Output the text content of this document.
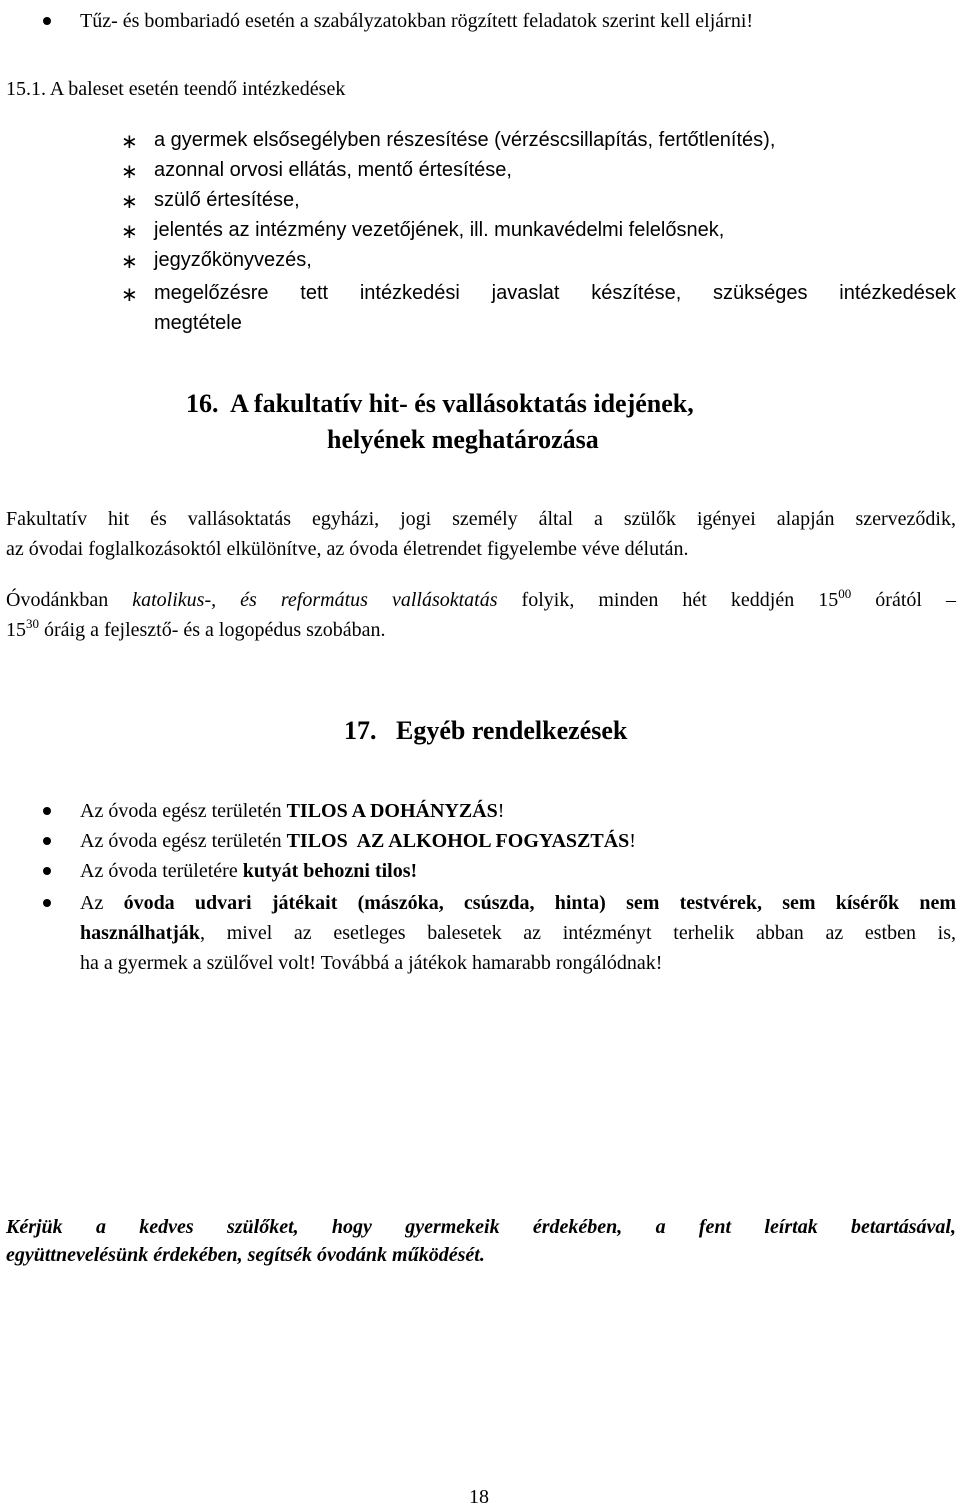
Tűz- és bombariadó esetén a szabályzatokban rögzített feladatok szerint kell eljárni!
15.1. A baleset esetén teendő intézkedések
∗ a gyermek elsősegélyben részesítése (vérzéscsillapítás, fertőtlenítés),
∗ azonnal orvosi ellátás, mentő értesítése,
∗ szülő értesítése,
∗ jelentés az intézmény vezetőjének, ill. munkavédelmi felelősnek,
∗ jegyzőkönyvezés,
∗ megelőzésre tett intézkedési javaslat készítése, szükséges intézkedések
megtétele
16.  A fakultatív hit- és vallásoktatás idejének,
helyének meghatározása
Fakultatív hit és vallásoktatás egyházi, jogi személy által a szülők igényei alapján szerveződik,
az óvodai foglalkozásoktól elkülönítve, az óvoda életrendet figyelembe véve délután.
Óvodánkban katolikus-, és református vallásoktatás folyik, minden hét keddjén $15^{00}$ órától –
$15^{30}$ óráig a fejlesztő- és a logopédus szobában.
17.   Egyéb rendelkezések
Az óvoda egész területén TILOS A DOHÁNYZÁS!
Az óvoda egész területén TILOS  AZ ALKOHOL FOGYASZTÁS!
Az óvoda területére kutyát behozni tilos!
Az óvoda udvari játékait (mászóka, csúszda, hinta) sem testvérek, sem kísérők nem
használhatják, mivel az esetleges balesetek az intézményt terhelik abban az estben is,
ha a gyermek a szülővel volt! Továbbá a játékok hamarabb rongálódnak!
Kérjük a kedves szülőket, hogy gyermekeik érdekében, a fent leírtak betartásával,
együttnevelésünk érdekében, segítsék óvodánk működését.
18
